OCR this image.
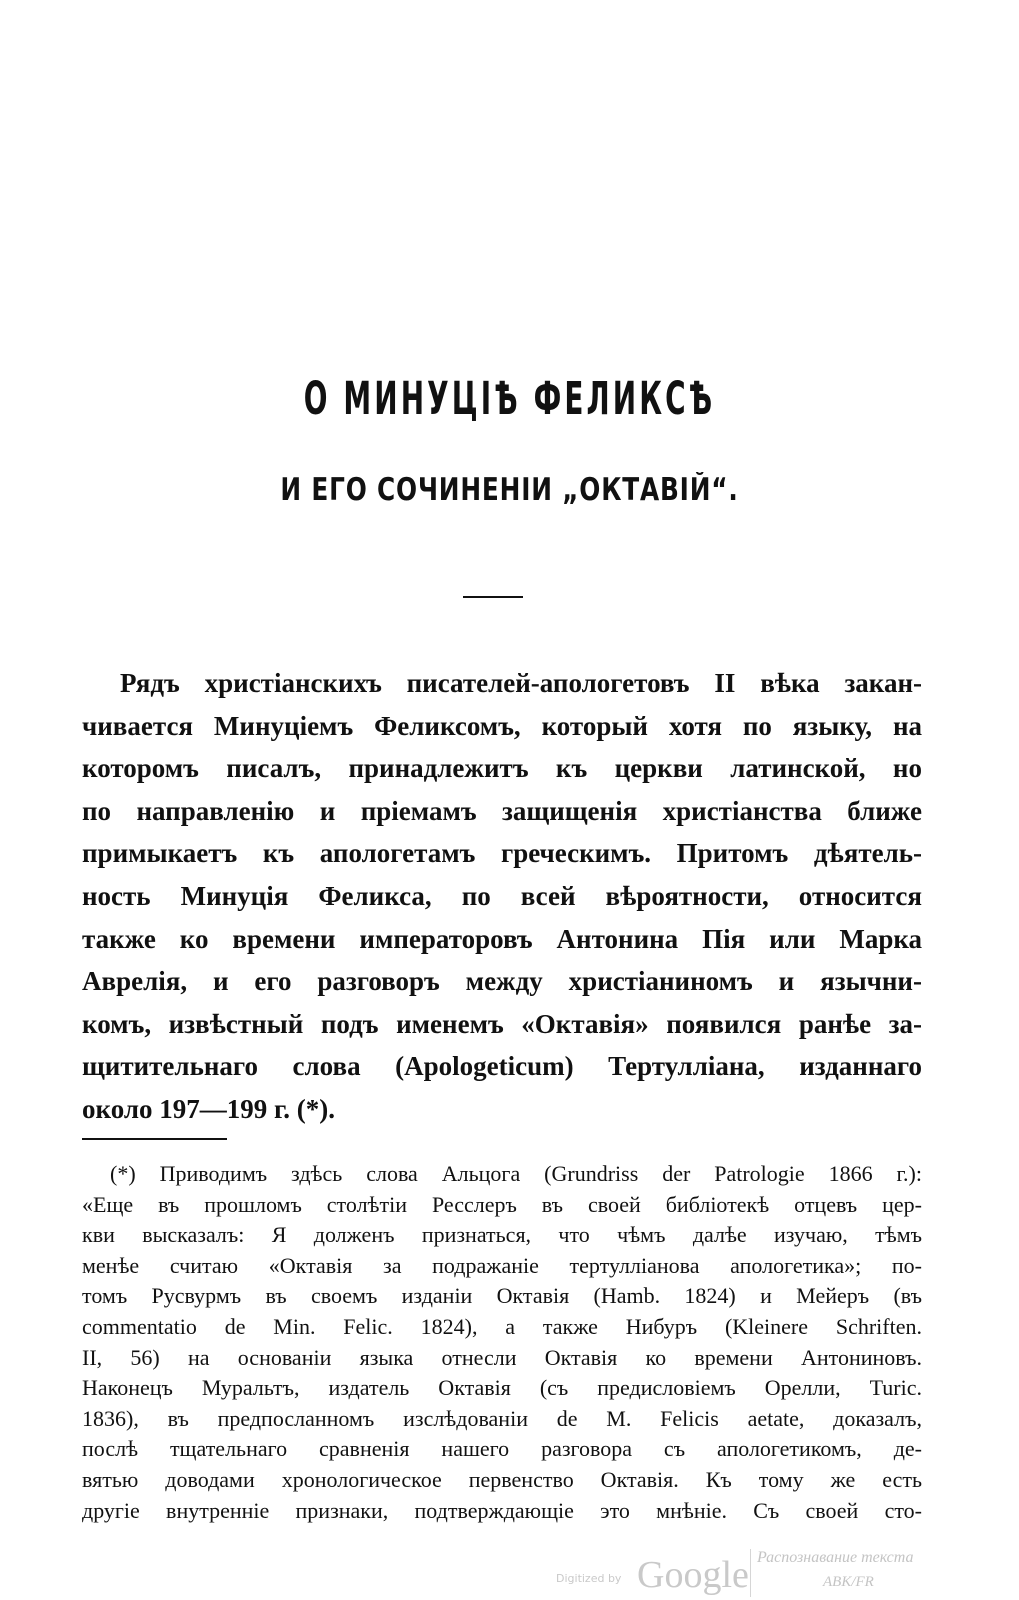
О МИНУЦІѢ ФЕЛИКСѢ
И ЕГО СОЧИНЕНІИ „ОКТАВІЙ“.
Рядъ христіанскихъ писателей-апологетовъ II вѣка закан-
чивается Минуціемъ Феликсомъ, который хотя по языку, на
которомъ писалъ, принадлежитъ къ церкви латинской, но
по направленію и пріемамъ защищенія христіанства ближе
примыкаетъ къ апологетамъ греческимъ. Притомъ дѣятель-
ность Минуція Феликса, по всей вѣроятности, относится
также ко времени императоровъ Антонина Пія или Марка
Аврелія, и его разговоръ между христіаниномъ и язычни-
комъ, извѣстный подъ именемъ «Октавія» появился ранѣе за-
щитительнаго слова (Apologeticum) Тертулліана, изданнаго
около 197—199 г. (*).
(*) Приводимъ здѣсь слова Альцога (Grundriss der Patrologie 1866 г.):
«Еще въ прошломъ столѣтіи Ресслеръ въ своей библіотекѣ отцевъ цер-
кви высказалъ: Я долженъ признаться, что чѣмъ далѣе изучаю, тѣмъ
менѣе считаю «Октавія за подражаніе тертулліанова апологетика»; по-
томъ Русвурмъ въ своемъ изданіи Октавія (Hamb. 1824) и Мейеръ (въ
commentatio de Min. Felic. 1824), а также Нибуръ (Kleinere Schriften.
II, 56) на основаніи языка отнесли Октавія ко времени Антониновъ.
Наконецъ Муральтъ, издатель Октавія (съ предисловіемъ Орелли, Turic.
1836), въ предпосланномъ изслѣдованіи de M. Felicis aetate, доказалъ,
послѣ тщательнаго сравненія нашего разговора съ апологетикомъ, де-
вятью доводами хронологическое первенство Октавія. Къ тому же есть
другіе внутренніе признаки, подтверждающіе это мнѣніе. Съ своей сто-
Digitized by Google Распознавание текста
ABK/FR
